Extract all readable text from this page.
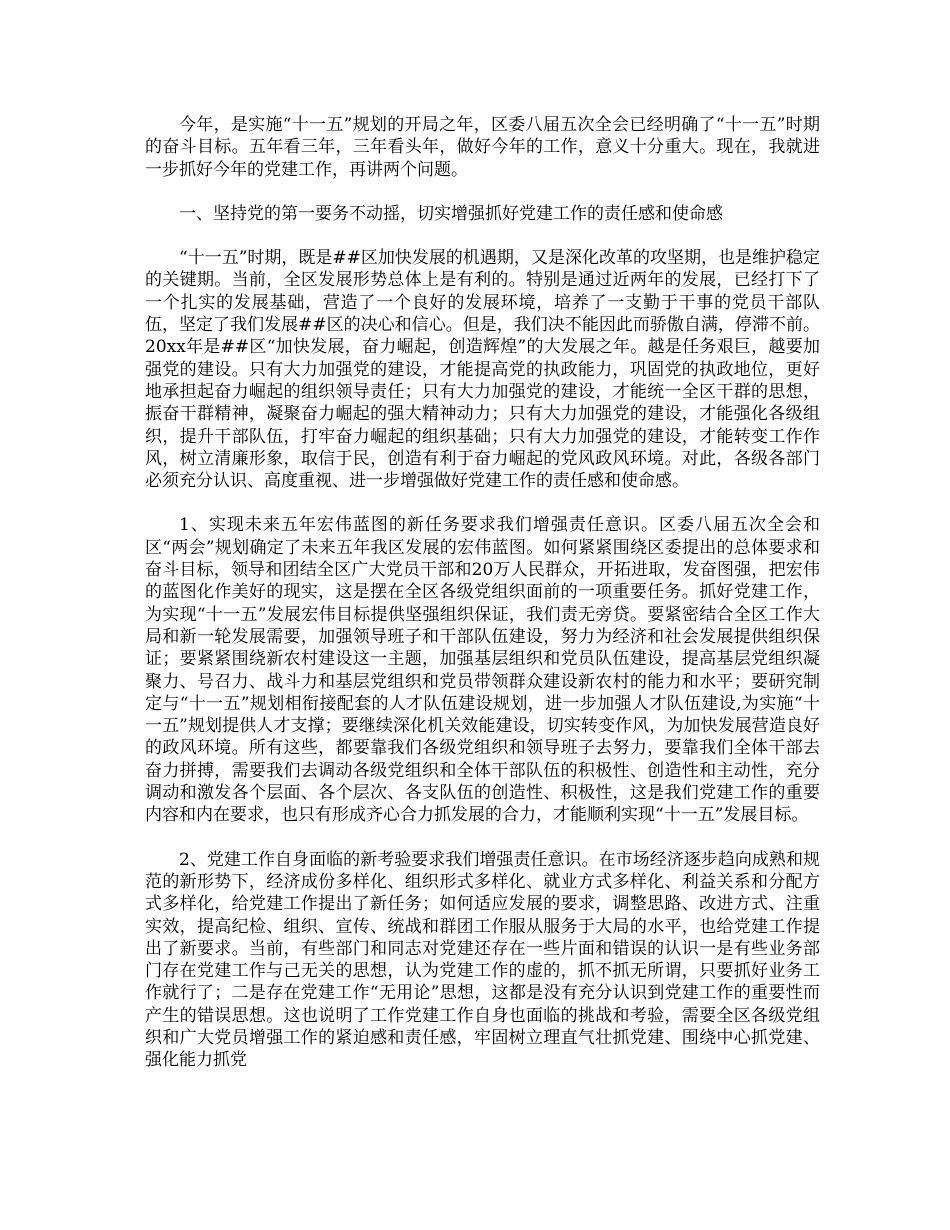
今年，是实施“十一五”规划的开局之年，区委八届五次全会已经明确了“十一五”时期的奋斗目标。五年看三年，三年看头年，做好今年的工作，意义十分重大。现在，我就进一步抓好今年的党建工作，再讲两个问题。

一、坚持党的第一要务不动摇，切实增强抓好党建工作的责任感和使命感

“十一五”时期，既是##区加快发展的机遇期，又是深化改革的攻坚期，也是维护稳定的关键期。当前，全区发展形势总体上是有利的。特别是通过近两年的发展，已经打下了一个扎实的发展基础，营造了一个良好的发展环境，培养了一支勤于干事的党员干部队伍，坚定了我们发展##区的决心和信心。但是，我们决不能因此而骄傲自满，停滞不前。20xx年是##区“加快发展，奋力崛起，创造辉煌”的大发展之年。越是任务艰巨，越要加强党的建设。只有大力加强党的建设，才能提高党的执政能力，巩固党的执政地位，更好地承担起奋力崛起的组织领导责任；只有大力加强党的建设，才能统一全区干群的思想，振奋干群精神，凝聚奋力崛起的强大精神动力；只有大力加强党的建设，才能强化各级组织，提升干部队伍，打牢奋力崛起的组织基础；只有大力加强党的建设，才能转变工作作风，树立清廉形象，取信于民，创造有利于奋力崛起的党风政风环境。对此，各级各部门必须充分认识、高度重视、进一步增强做好党建工作的责任感和使命感。

1、实现未来五年宏伟蓝图的新任务要求我们增强责任意识。区委八届五次全会和区“两会”规划确定了未来五年我区发展的宏伟蓝图。如何紧紧围绕区委提出的总体要求和奋斗目标，领导和团结全区广大党员干部和20万人民群众，开拓进取，发奋图强，把宏伟的蓝图化作美好的现实，这是摆在全区各级党组织面前的一项重要任务。抓好党建工作，为实现“十一五”发展宏伟目标提供坚强组织保证，我们责无旁贷。要紧密结合全区工作大局和新一轮发展需要，加强领导班子和干部队伍建设，努力为经济和社会发展提供组织保证；要紧紧围绕新农村建设这一主题，加强基层组织和党员队伍建设，提高基层党组织凝聚力、号召力、战斗力和基层党组织和党员带领群众建设新农村的能力和水平；要研究制定与“十一五”规划相衔接配套的人才队伍建设规划，进一步加强人才队伍建设,为实施“十一五”规划提供人才支撑；要继续深化机关效能建设，切实转变作风，为加快发展营造良好的政风环境。所有这些，都要靠我们各级党组织和领导班子去努力，要靠我们全体干部去奋力拼搏，需要我们去调动各级党组织和全体干部队伍的积极性、创造性和主动性，充分调动和激发各个层面、各个层次、各支队伍的创造性、积极性，这是我们党建工作的重要内容和内在要求，也只有形成齐心合力抓发展的合力，才能顺利实现“十一五”发展目标。

2、党建工作自身面临的新考验要求我们增强责任意识。在市场经济逐步趋向成熟和规范的新形势下，经济成份多样化、组织形式多样化、就业方式多样化、利益关系和分配方式多样化，给党建工作提出了新任务；如何适应发展的要求，调整思路、改进方式、注重实效，提高纪检、组织、宣传、统战和群团工作服从服务于大局的水平，也给党建工作提出了新要求。当前，有些部门和同志对党建还存在一些片面和错误的认识一是有些业务部门存在党建工作与己无关的思想，认为党建工作的虚的，抓不抓无所谓，只要抓好业务工作就行了；二是存在党建工作“无用论”思想，这都是没有充分认识到党建工作的重要性而产生的错误思想。这也说明了工作党建工作自身也面临的挑战和考验，需要全区各级党组织和广大党员增强工作的紧迫感和责任感，牢固树立理直气壮抓党建、围绕中心抓党建、强化能力抓党
